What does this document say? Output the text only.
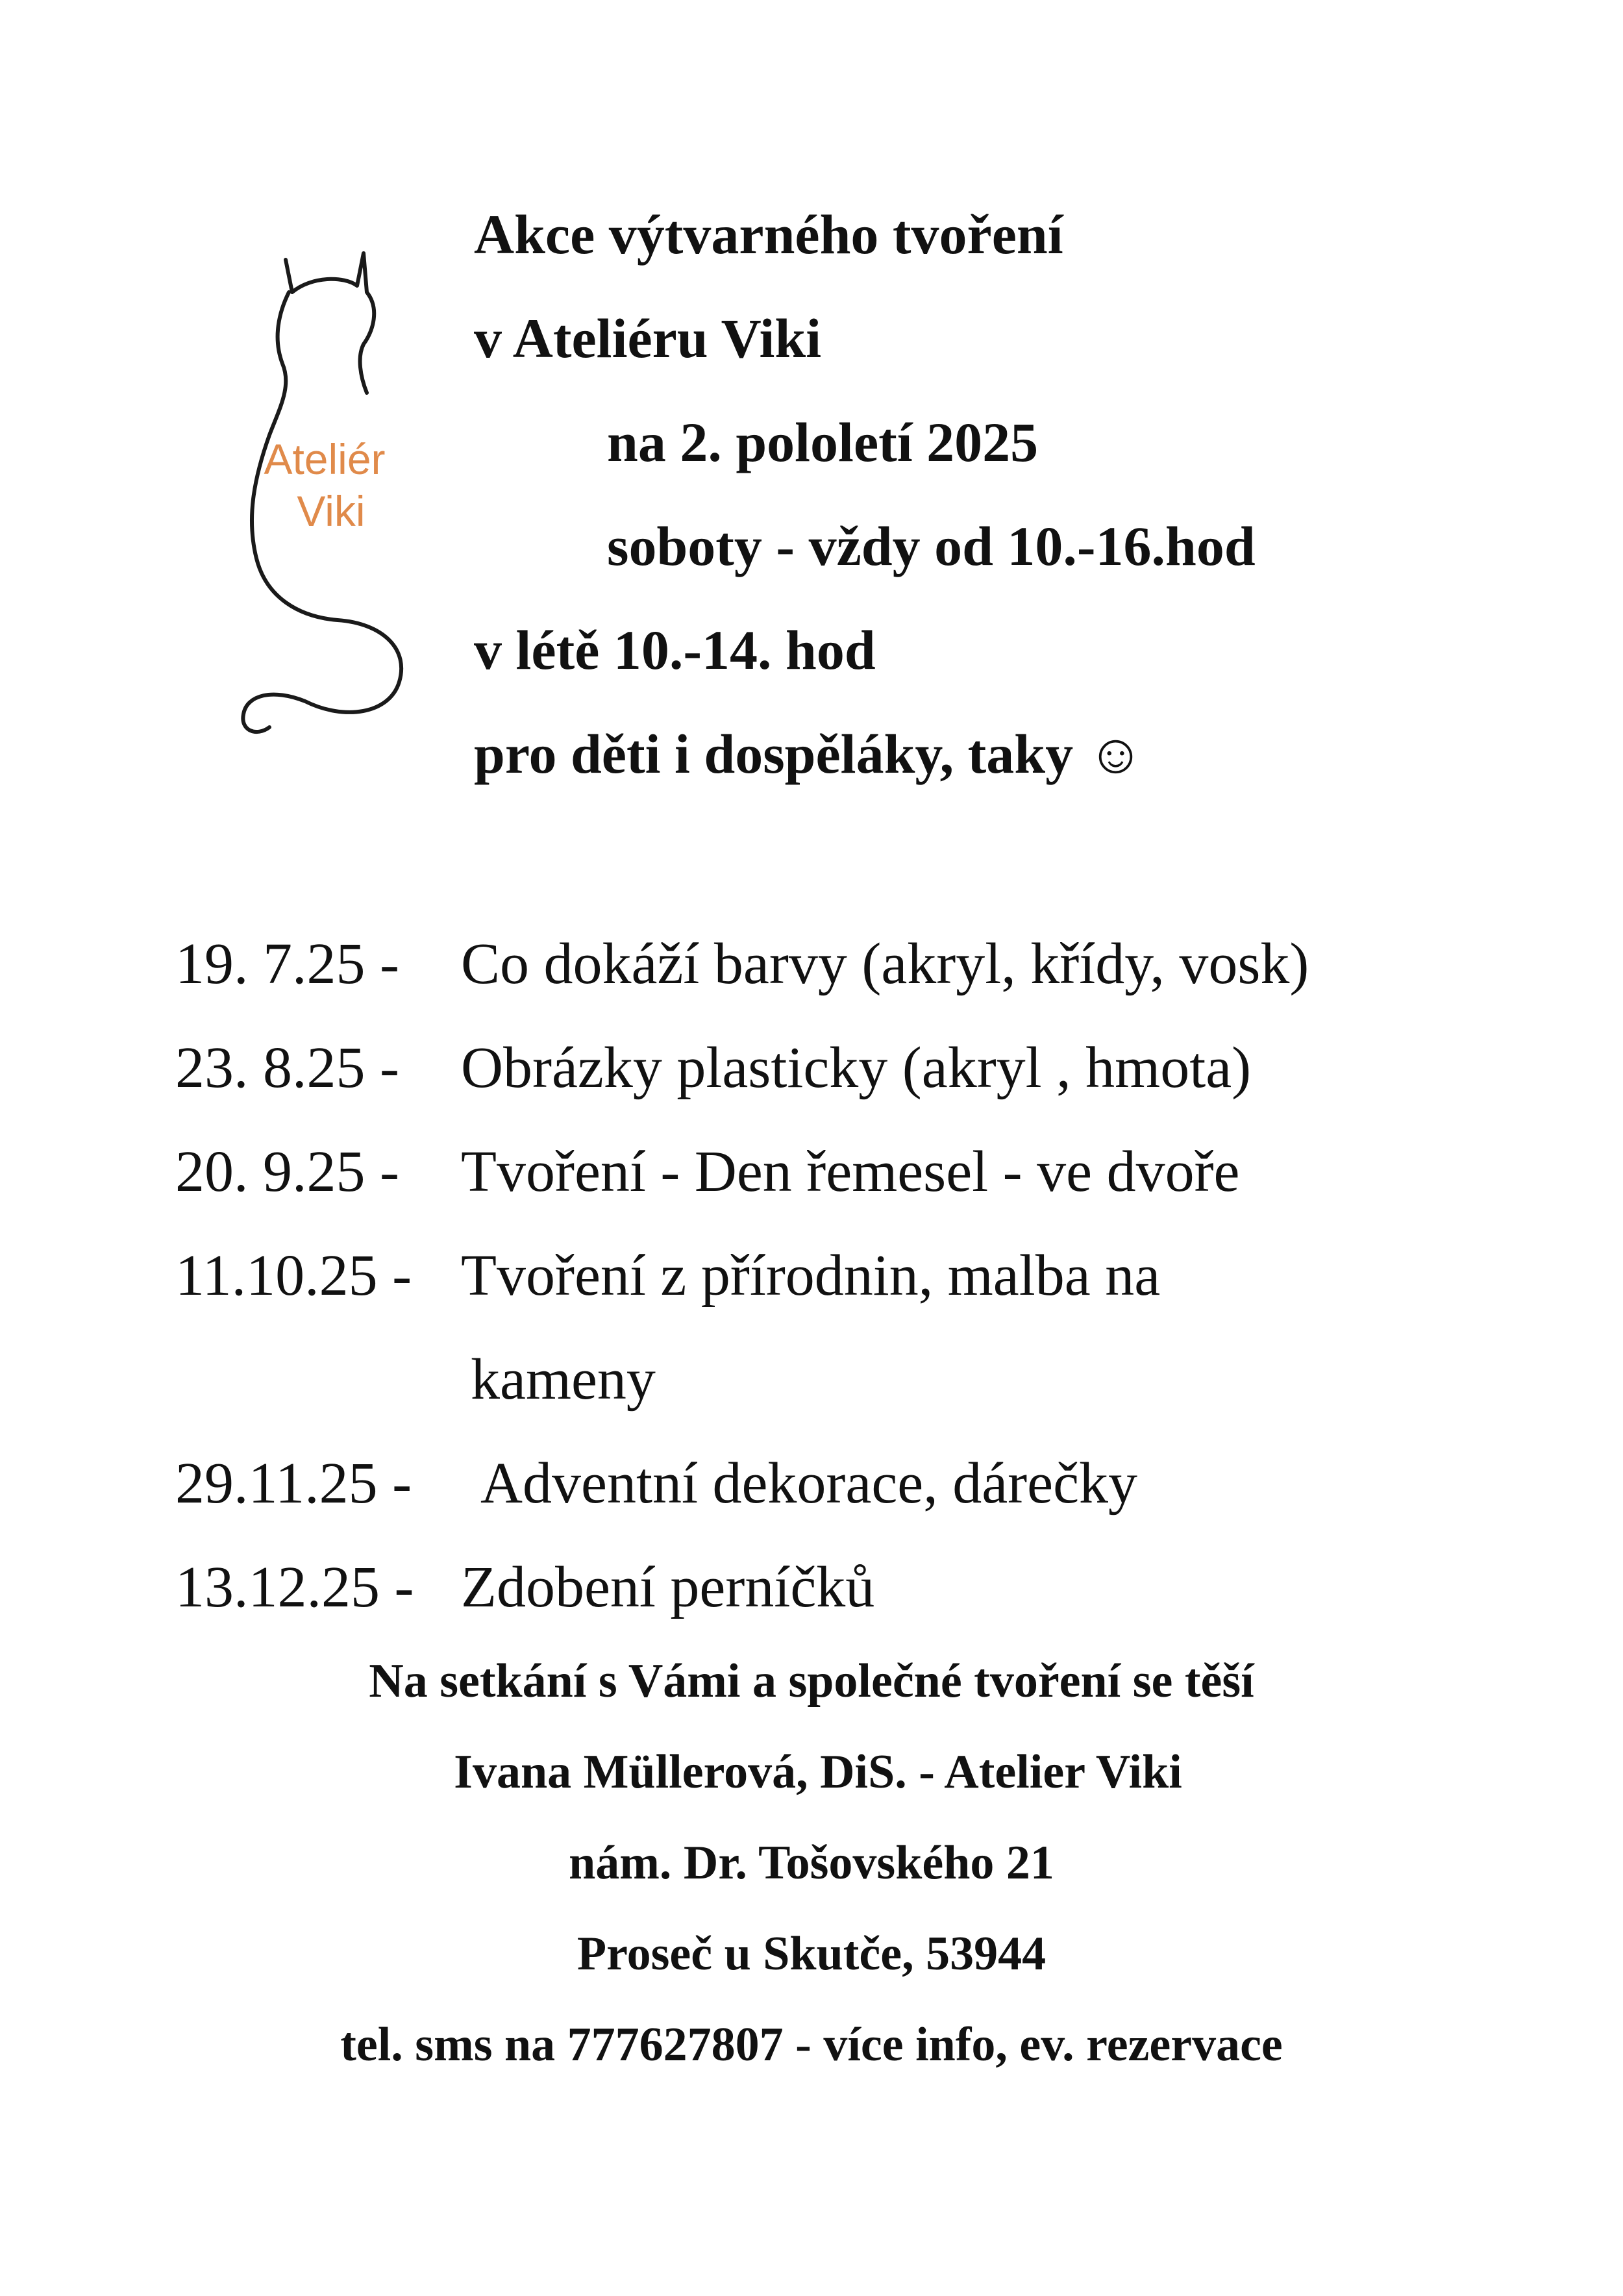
Ateliér
Viki
Akce výtvarného tvoření
v Ateliéru Viki
na 2. pololetí 2025
soboty - vždy od 10.-16.hod
v létě 10.-14. hod
pro děti i dospěláky, taky ☺
19. 7.25 - Co dokáží barvy (akryl, křídy, vosk)
23. 8.25 - Obrázky plasticky (akryl , hmota)
20. 9.25 - Tvoření - Den řemesel - ve dvoře
11.10.25 - Tvoření z přírodnin, malba na
kameny
29.11.25 - Adventní dekorace, dárečky
13.12.25 - Zdobení perníčků
Na setkání s Vámi a společné tvoření se těší
Ivana Müllerová, DiS. - Atelier Viki
nám. Dr. Tošovského 21
Proseč u Skutče, 53944
tel. sms na 777627807 - více info, ev. rezervace
